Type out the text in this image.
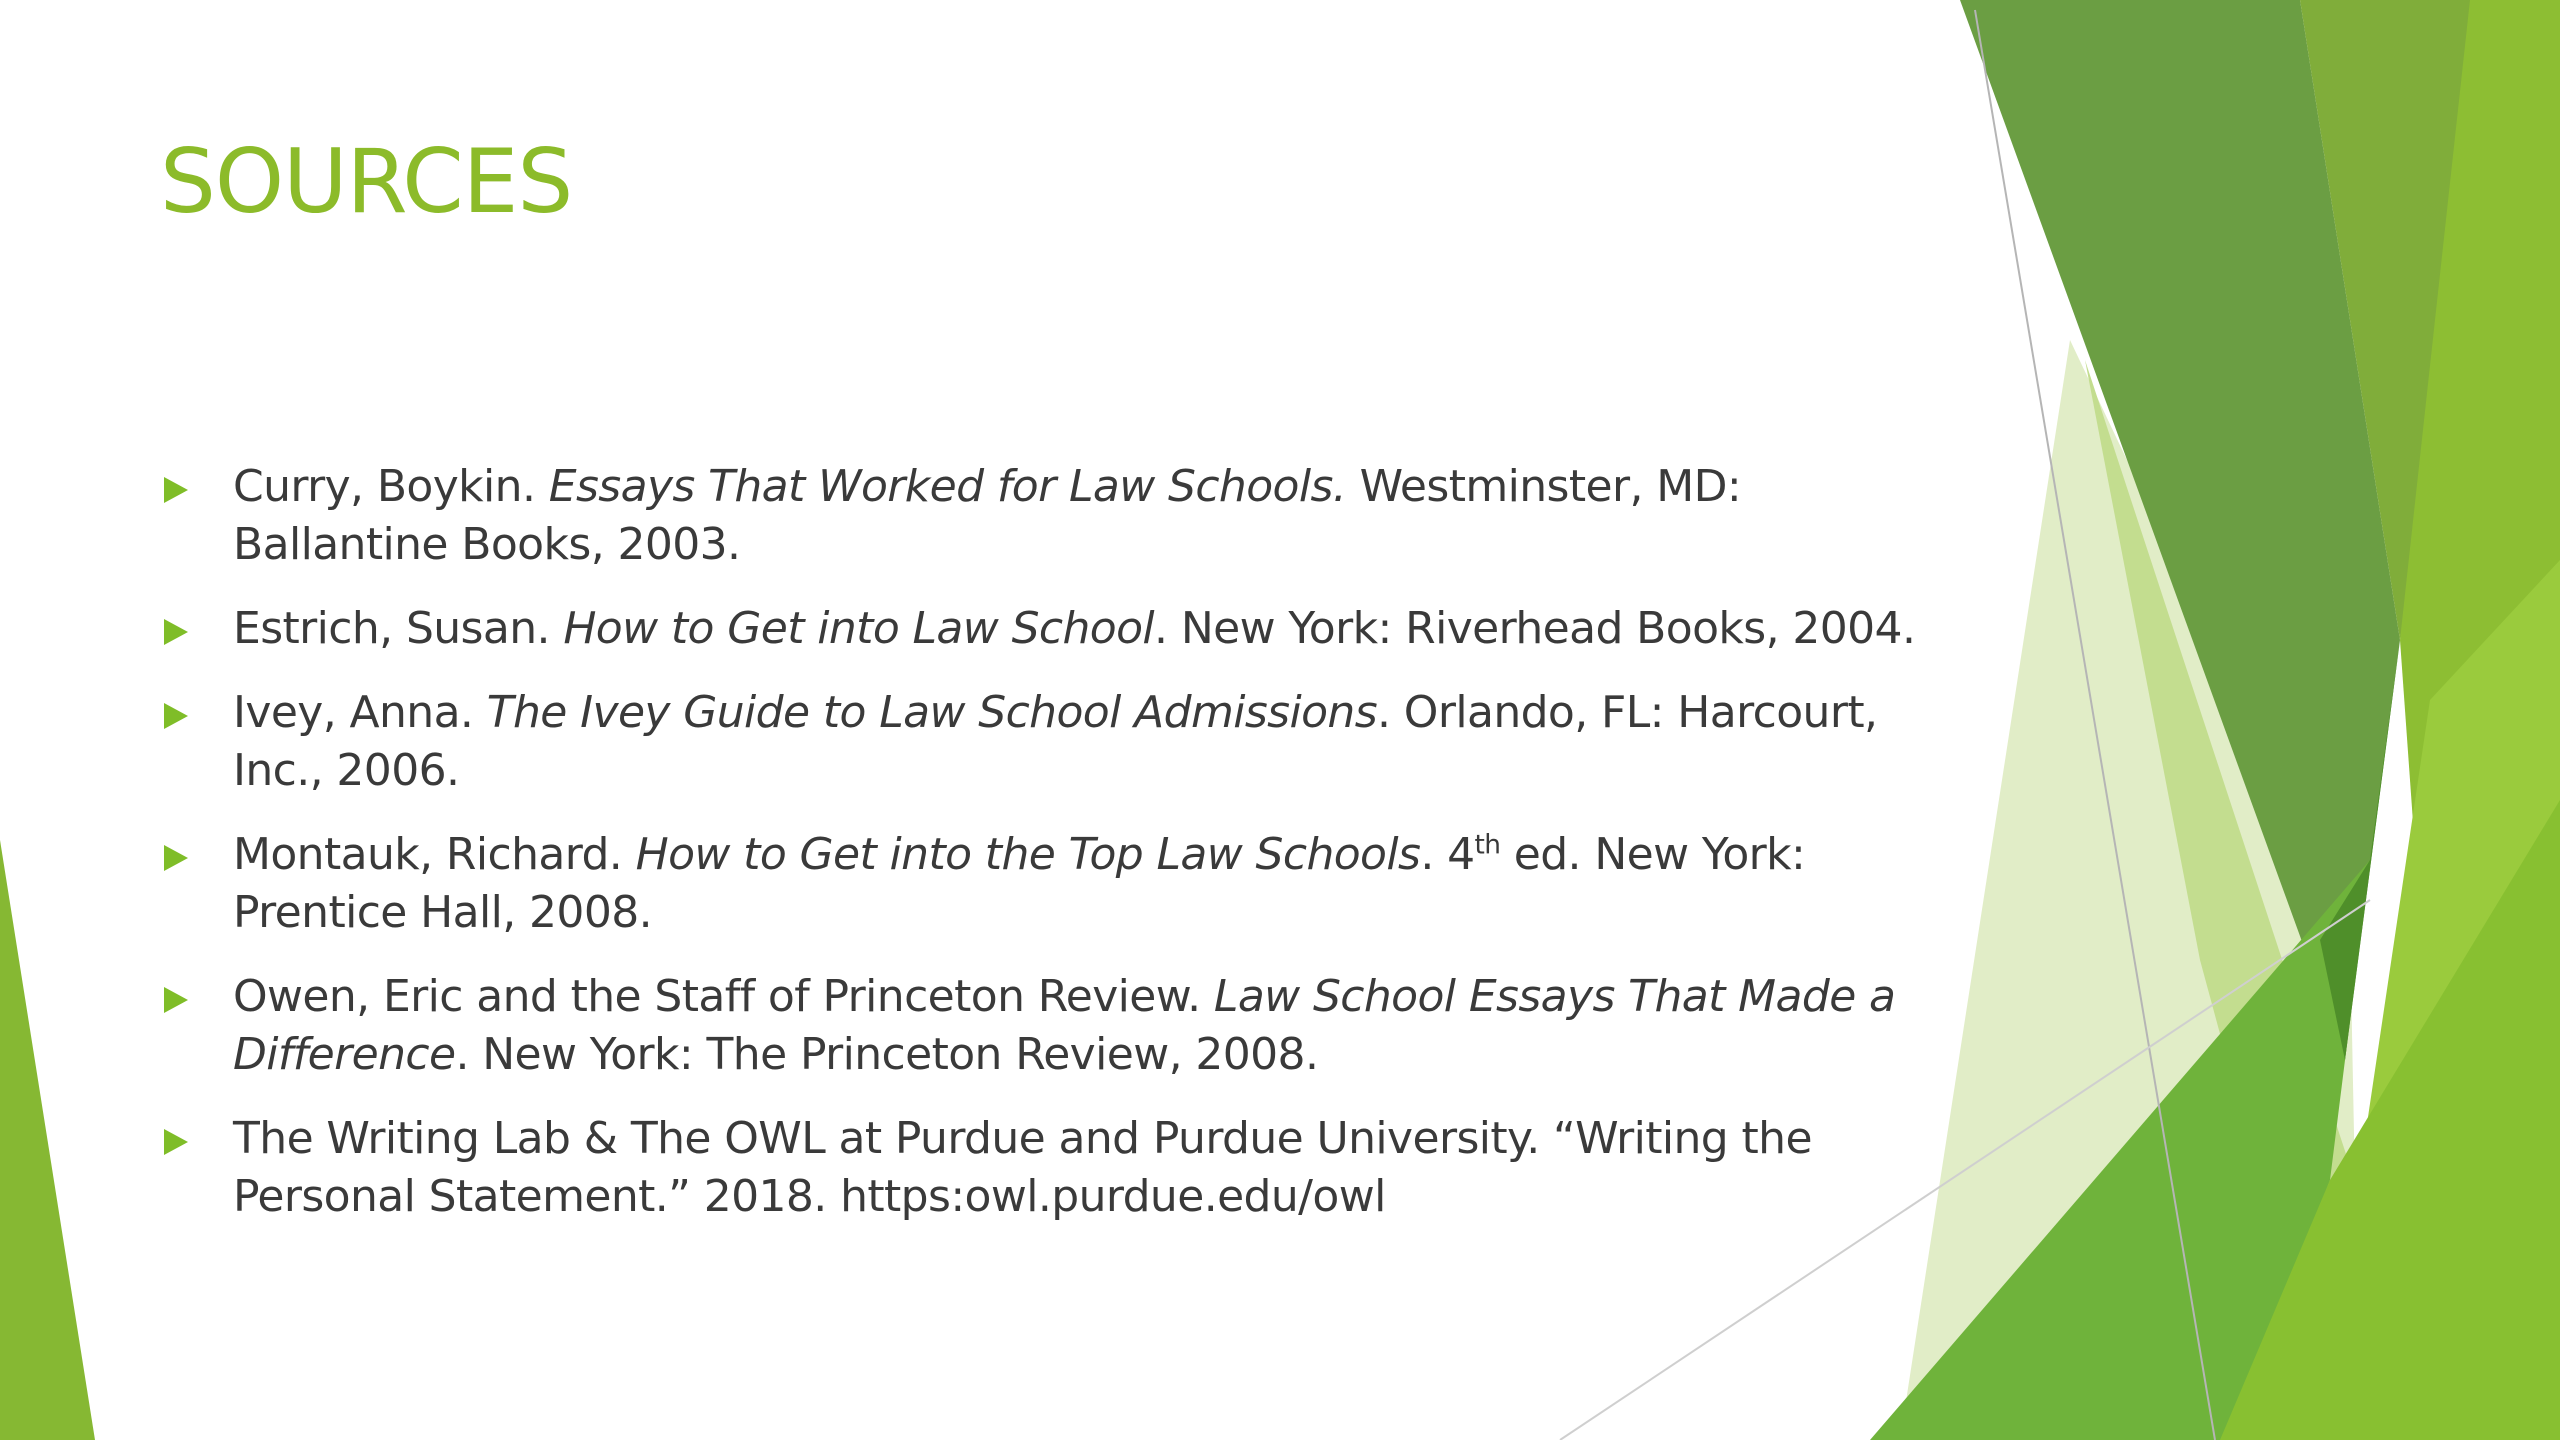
SOURCES
Curry, Boykin. Essays That Worked for Law Schools. Westminster, MD: Ballantine Books, 2003.
Estrich, Susan. How to Get into Law School. New York: Riverhead Books, 2004.
Ivey, Anna. The Ivey Guide to Law School Admissions. Orlando, FL: Harcourt, Inc., 2006.
Montauk, Richard. How to Get into the Top Law Schools. 4th ed. New York: Prentice Hall, 2008.
Owen, Eric and the Staff of Princeton Review. Law School Essays That Made a Difference. New York: The Princeton Review, 2008.
The Writing Lab & The OWL at Purdue and Purdue University. “Writing the Personal Statement.” 2018. https:owl.purdue.edu/owl
